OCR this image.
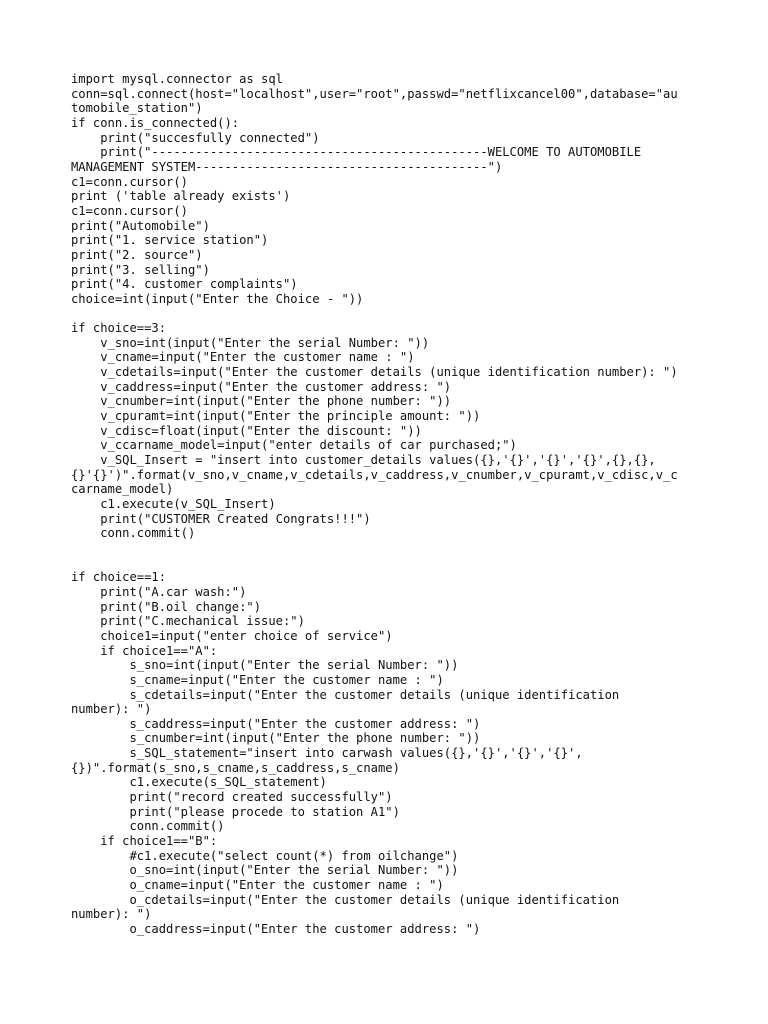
import mysql.connector as sql
conn=sql.connect(host="localhost",user="root",passwd="netflixcancel00",database="au
tomobile_station")
if conn.is_connected():
print("succesfully connected")
print("----------------------------------------------WELCOME TO AUTOMOBILE
MANAGEMENT SYSTEM----------------------------------------")
c1=conn.cursor()
print ('table already exists')
c1=conn.cursor()
print("Automobile")
print("1. service station")
print("2. source")
print("3. selling")
print("4. customer complaints")
choice=int(input("Enter the Choice - "))
if choice==3:
v_sno=int(input("Enter the serial Number: "))
v_cname=input("Enter the customer name : ")
v_cdetails=input("Enter the customer details (unique identification number): ")
v_caddress=input("Enter the customer address: ")
v_cnumber=int(input("Enter the phone number: "))
v_cpuramt=int(input("Enter the principle amount: "))
v_cdisc=float(input("Enter the discount: "))
v_ccarname_model=input("enter details of car purchased;")
v_SQL_Insert = "insert into customer_details values({},'{}','{}','{}',{},{},
{}'{}')".format(v_sno,v_cname,v_cdetails,v_caddress,v_cnumber,v_cpuramt,v_cdisc,v_c
carname_model)
c1.execute(v_SQL_Insert)
print("CUSTOMER Created Congrats!!!")
conn.commit()
if choice==1:
print("A.car wash:")
print("B.oil change:")
print("C.mechanical issue:")
choice1=input("enter choice of service")
if choice1=="A":
s_sno=int(input("Enter the serial Number: "))
s_cname=input("Enter the customer name : ")
s_cdetails=input("Enter the customer details (unique identification
number): ")
s_caddress=input("Enter the customer address: ")
s_cnumber=int(input("Enter the phone number: "))
s_SQL_statement="insert into carwash values({},'{}','{}','{}',
{})".format(s_sno,s_cname,s_caddress,s_cname)
c1.execute(s_SQL_statement)
print("record created successfully")
print("please procede to station A1")
conn.commit()
if choice1=="B":
#c1.execute("select count(*) from oilchange")
o_sno=int(input("Enter the serial Number: "))
o_cname=input("Enter the customer name : ")
o_cdetails=input("Enter the customer details (unique identification
number): ")
o_caddress=input("Enter the customer address: ")
